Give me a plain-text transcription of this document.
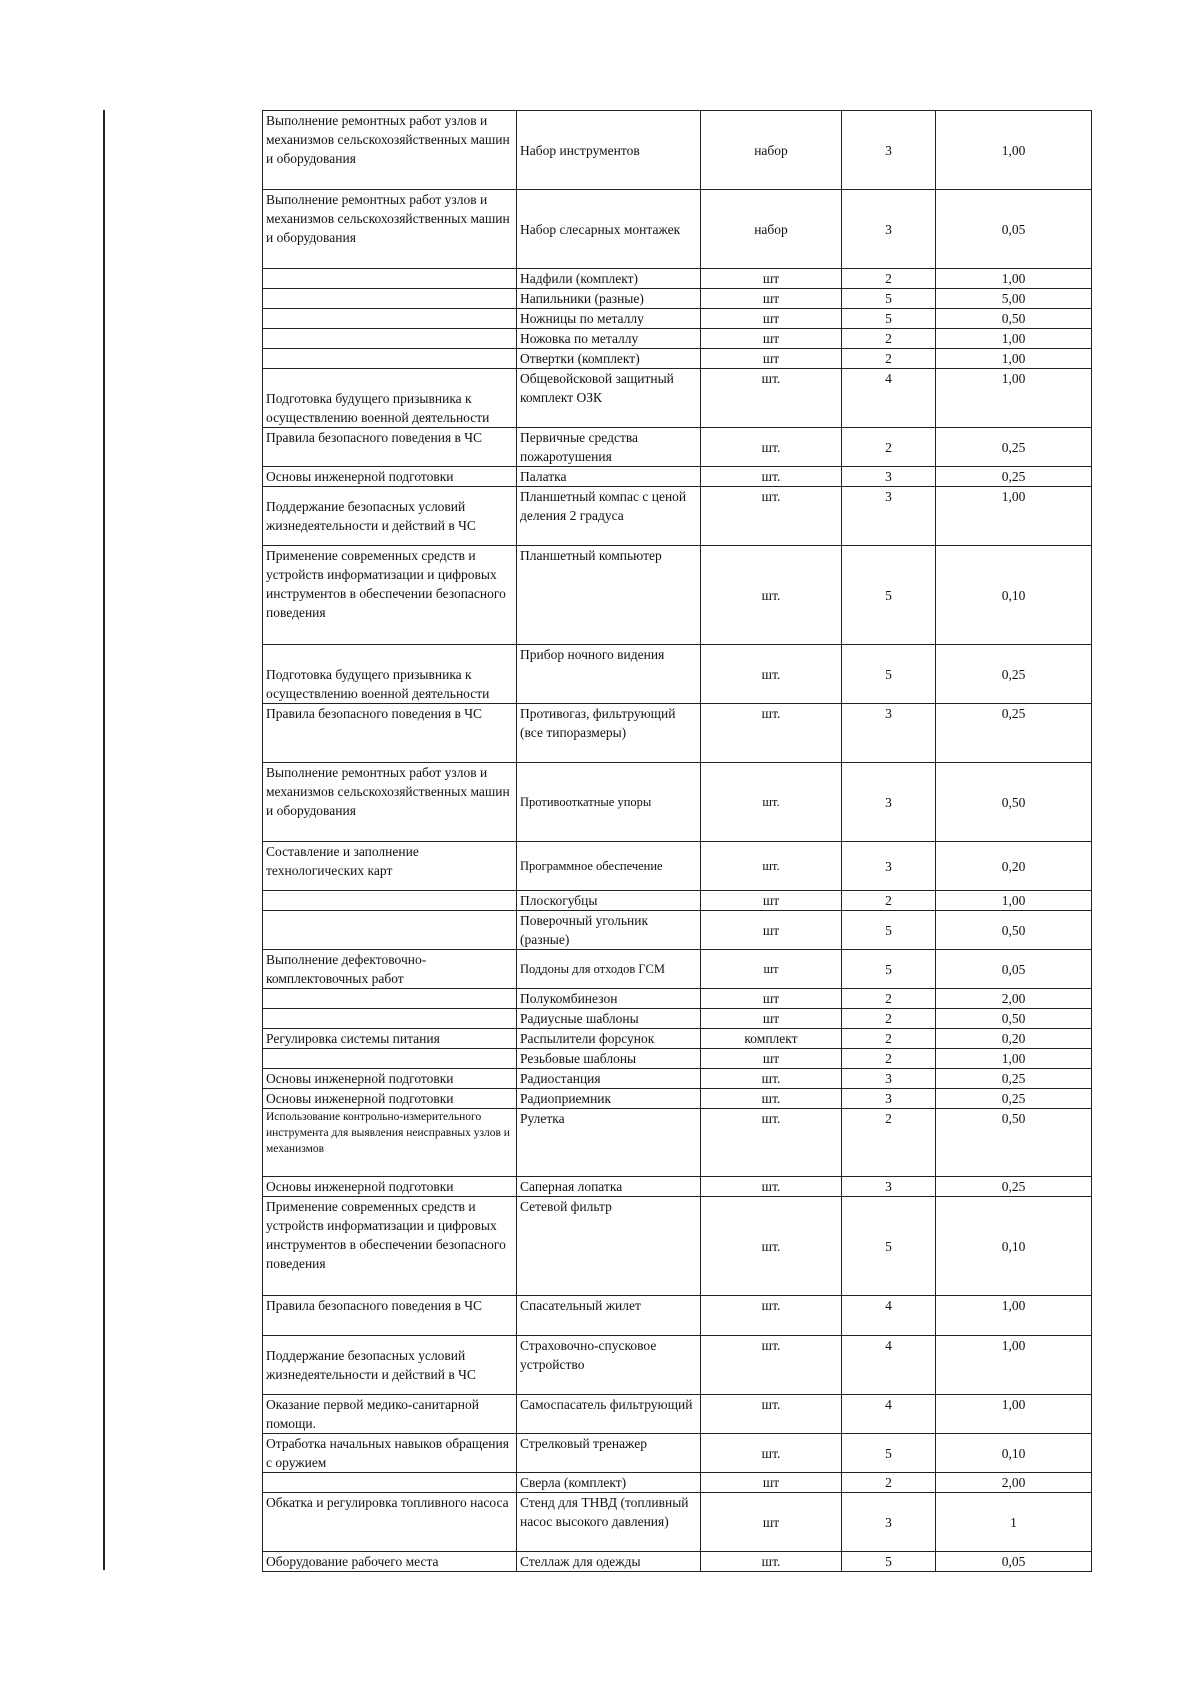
Выполнение ремонтных работ узлов и механизмов сельскохозяйственных машин и оборудования	Набор инструментов	набор	3	1,00
Выполнение ремонтных работ узлов и механизмов сельскохозяйственных машин и оборудования	Набор слесарных монтажек	набор	3	0,05
	Надфили (комплект)	шт	2	1,00
	Напильники (разные)	шт	5	5,00
	Ножницы по металлу	шт	5	0,50
	Ножовка по металлу	шт	2	1,00
	Отвертки (комплект)	шт	2	1,00
Подготовка будущего призывника к осуществлению военной деятельности	Общевойсковой защитный комплект ОЗК	шт.	4	1,00
Правила безопасного поведения в ЧС	Первичные средства пожаротушения	шт.	2	0,25
Основы инженерной подготовки	Палатка	шт.	3	0,25
Поддержание безопасных условий жизнедеятельности и действий в ЧС	Планшетный компас с ценой деления 2 градуса	шт.	3	1,00
Применение современных средств и устройств информатизации и цифровых инструментов в обеспечении безопасного поведения	Планшетный компьютер	шт.	5	0,10
Подготовка будущего призывника к осуществлению военной деятельности	Прибор ночного видения	шт.	5	0,25
Правила безопасного поведения в ЧС	Противогаз, фильтрующий (все типоразмеры)	шт.	3	0,25
Выполнение ремонтных работ узлов и механизмов сельскохозяйственных машин и оборудования	Противооткатные упоры	шт.	3	0,50
Составление и заполнение технологических карт	Программное обеспечение	шт.	3	0,20
	Плоскогубцы	шт	2	1,00
	Поверочный угольник (разные)	шт	5	0,50
Выполнение дефектовочно-комплектовочных работ	Поддоны для отходов ГСМ	шт	5	0,05
	Полукомбинезон	шт	2	2,00
	Радиусные шаблоны	шт	2	0,50
Регулировка системы питания	Распылители форсунок	комплект	2	0,20
	Резьбовые шаблоны	шт	2	1,00
Основы инженерной подготовки	Радиостанция	шт.	3	0,25
Основы инженерной подготовки	Радиоприемник	шт.	3	0,25
Использование контрольно-измерительного инструмента для выявления неисправных узлов и механизмов	Рулетка	шт.	2	0,50
Основы инженерной подготовки	Саперная лопатка	шт.	3	0,25
Применение современных средств и устройств информатизации и цифровых инструментов в обеспечении безопасного поведения	Сетевой фильтр	шт.	5	0,10
Правила безопасного поведения в ЧС	Спасательный жилет	шт.	4	1,00
Поддержание безопасных условий жизнедеятельности и действий в ЧС	Страховочно-спусковое устройство	шт.	4	1,00
Оказание первой медико-санитарной помощи.	Самоспасатель фильтрующий	шт.	4	1,00
Отработка начальных навыков обращения с оружием	Стрелковый тренажер	шт.	5	0,10
	Сверла (комплект)	шт	2	2,00
Обкатка и регулировка топливного насоса	Стенд для ТНВД (топливный насос высокого давления)	шт	3	1
Оборудование рабочего места	Стеллаж для одежды	шт.	5	0,05
